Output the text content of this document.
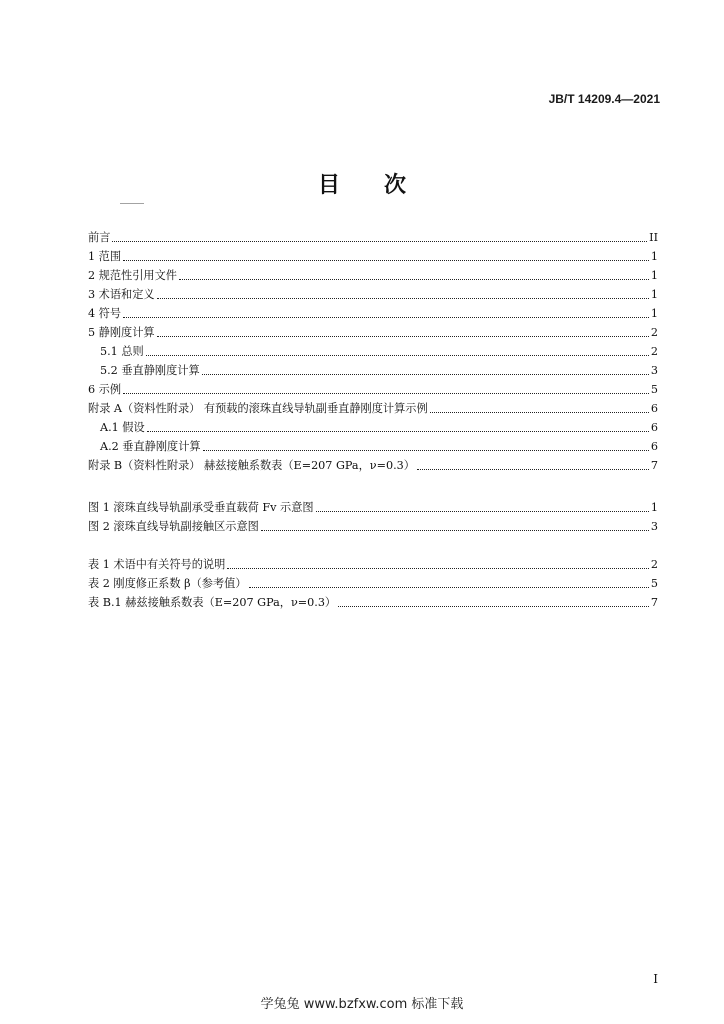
JB/T 14209.4—2021
目　　次
前言	II
1 范围	1
2 规范性引用文件	1
3 术语和定义	1
4 符号	1
5 静刚度计算	2
5.1 总则	2
5.2 垂直静刚度计算	3
6 示例	5
附录 A（资料性附录） 有预载的滚珠直线导轨副垂直静刚度计算示例	6
A.1 假设	6
A.2 垂直静刚度计算	6
附录 B（资料性附录） 赫兹接触系数表（E=207 GPa，ν=0.3）	7
图 1 滚珠直线导轨副承受垂直载荷 Fv 示意图	1
图 2 滚珠直线导轨副接触区示意图	3
表 1 术语中有关符号的说明	2
表 2 刚度修正系数 β（参考值）	5
表 B.1 赫兹接触系数表（E=207 GPa，ν=0.3）	7
I
学兔兔 www.bzfxw.com 标准下载
